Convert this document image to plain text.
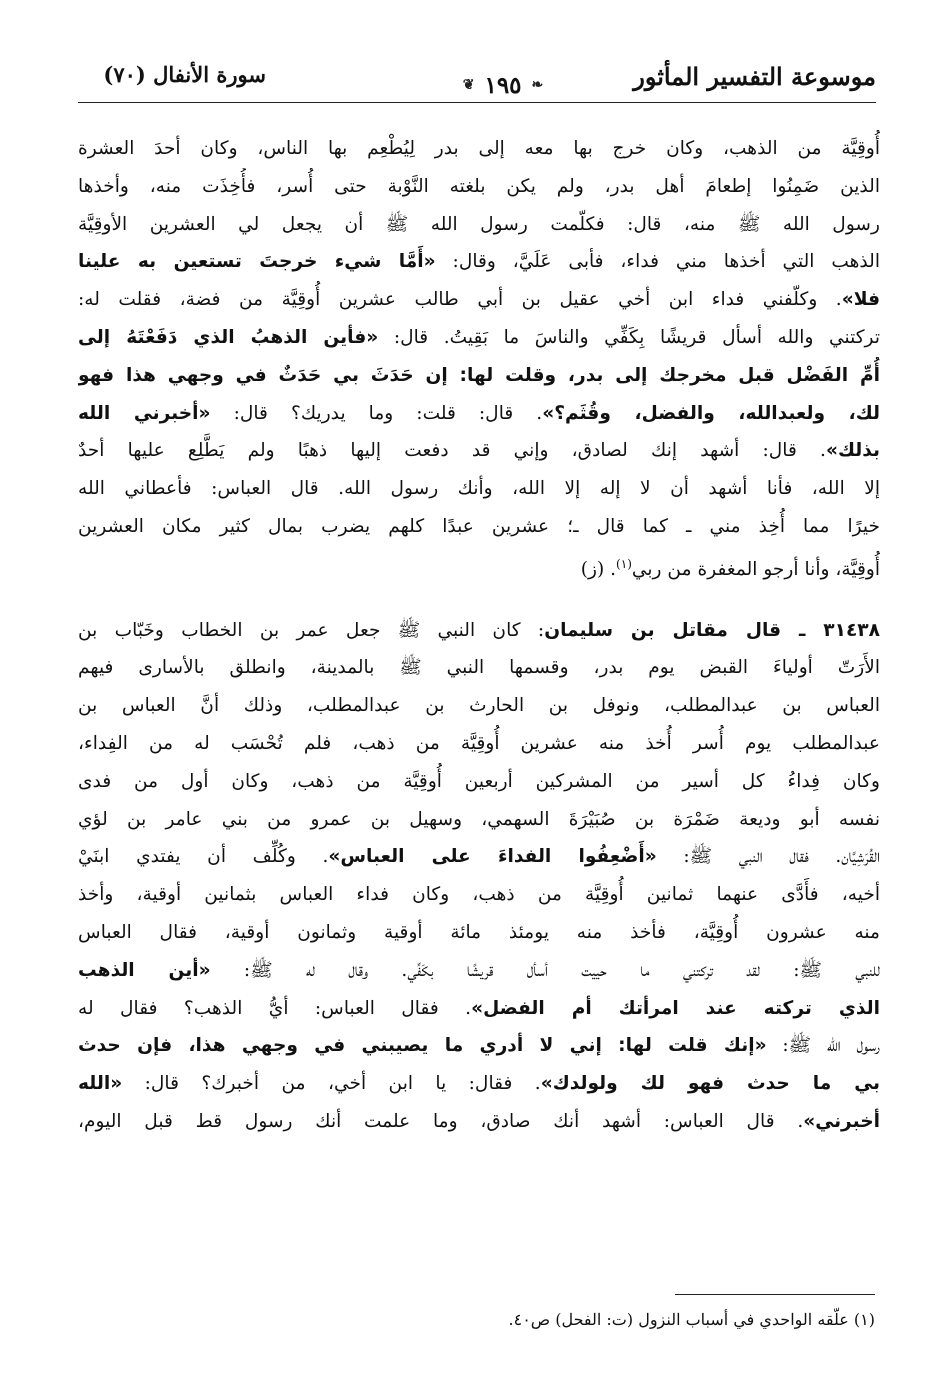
موسوعة التفسير المأثور
❦ ١٩٥ ❧
سورة الأنفال (٧٠)
أُوقِيَّة من الذهب، وكان خرج بها معه إلى بدر لِيُطْعِم بها الناس، وكان أحدَ العشرة
الذين ضَمِنُوا إطعامَ أهل بدر، ولم يكن بلغته النَّوْبة حتى أُسر، فأُخِذَت منه، وأخذها
رسول الله ﷺ منه، قال: فكلّمت رسول الله ﷺ أن يجعل لي العشرين الأوقِيَّة
الذهب التي أخذها مني فداء، فأبى عَلَيَّ، وقال: «أَمَّا شيء خرجتَ تستعين به علينا
فلا». وكلّفني فداء ابن أخي عقيل بن أبي طالب عشرين أُوقِيَّة من فضة، فقلت له:
تركتني والله أسأل قريشًا بِكَفِّي والناسَ ما بَقِيتُ. قال: «فأين الذهبُ الذي دَفَعْتَهُ إلى
أُمِّ الفَضْل قبل مخرجك إلى بدر، وقلت لها: إن حَدَثَ بي حَدَثٌ في وجهي هذا فهو
لك، ولعبدالله، والفضل، وقُثَم؟». قال: قلت: وما يدريك؟ قال: «أخبرني الله
بذلك». قال: أشهد إنك لصادق، وإني قد دفعت إليها ذهبًا ولم يَطَّلِع عليها أحدٌ
إلا الله، فأنا أشهد أن لا إله إلا الله، وأنك رسول الله. قال العباس: فأعطاني الله
خيرًا مما أُخِذ مني ـ كما قال ـ؛ عشرين عبدًا كلهم يضرب بمال كثير مكان العشرين
أُوقِيَّة، وأنا أرجو المغفرة من ربي$^{(١)}$. (ز)
٣١٤٣٨ ـ قال مقاتل بن سليمان: كان النبي ﷺ جعل عمر بن الخطاب وخَبّاب بن
الأَرَتّ أولياءَ القبض يوم بدر، وقسمها النبي ﷺ بالمدينة، وانطلق بالأسارى فيهم
العباس بن عبدالمطلب، ونوفل بن الحارث بن عبدالمطلب، وذلك أنَّ العباس بن
عبدالمطلب يوم أُسر أُخذ منه عشرين أُوقِيَّة من ذهب، فلم تُحْسَب له من الفِداء،
وكان فِداءُ كل أسير من المشركين أربعين أُوقِيَّة من ذهب، وكان أول من فدى
نفسه أبو وديعة ضَمْرَة بن صُبَيْرَةَ السهمي، وسهيل بن عمرو من بني عامر بن لؤي
القُرَشِيَّان. فقال النبي ﷺ: «أَضْعِفُوا الفداءَ على العباس». وكُلِّف أن يفتدي ابنَيْ
أخيه، فأَدَّى عنهما ثمانين أُوقِيَّة من ذهب، وكان فداء العباس بثمانين أوقية، وأخذ
منه عشرون أُوقِيَّة، فأخذ منه يومئذ مائة أوقية وثمانون أوقية، فقال العباس
للنبي ﷺ: لقد تركتني ما حييت أسأل قريشًا بكَفِّي. وقال له ﷺ: «أين الذهب
الذي تركته عند امرأتك أم الفضل». فقال العباس: أيُّ الذهب؟ فقال له
رسول الله ﷺ: «إنك قلت لها: إني لا أدري ما يصيبني في وجهي هذا، فإن حدث
بي ما حدث فهو لك ولولدك». فقال: يا ابن أخي، من أخبرك؟ قال: «الله
أخبرني». قال العباس: أشهد أنك صادق، وما علمت أنك رسول قط قبل اليوم،
(١) علّقه الواحدي في أسباب النزول (ت: الفحل) ص٤٠.
